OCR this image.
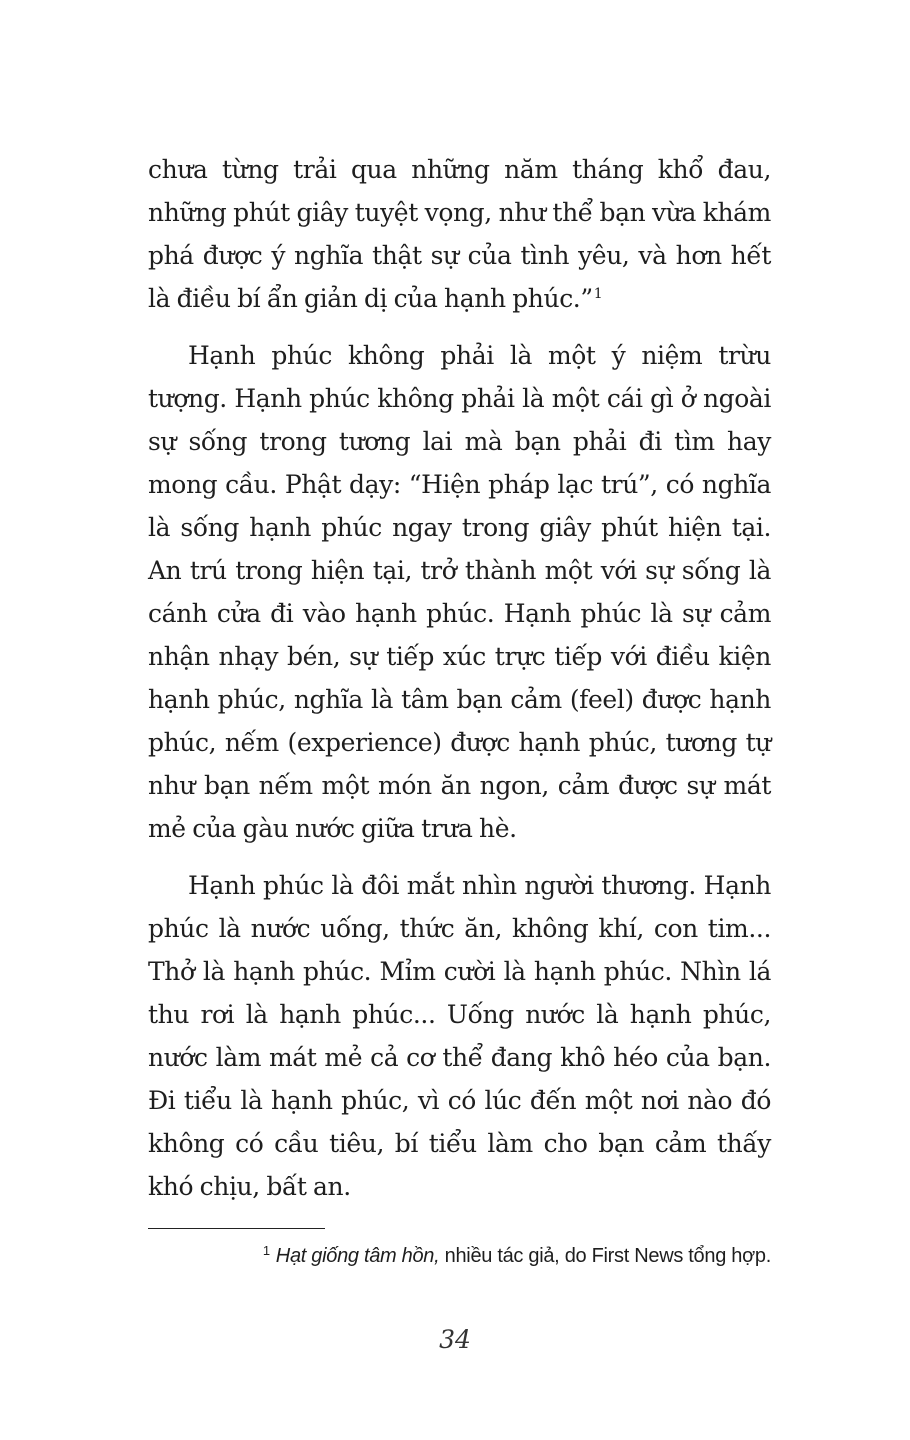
chưa từng trải qua những năm tháng khổ đau, những phút giây tuyệt vọng, như thể bạn vừa khám phá được ý nghĩa thật sự của tình yêu, và hơn hết là điều bí ẩn giản dị của hạnh phúc.”$^1$

Hạnh phúc không phải là một ý niệm trừu tượng. Hạnh phúc không phải là một cái gì ở ngoài sự sống trong tương lai mà bạn phải đi tìm hay mong cầu. Phật dạy: “Hiện pháp lạc trú”, có nghĩa là sống hạnh phúc ngay trong giây phút hiện tại. An trú trong hiện tại, trở thành một với sự sống là cánh cửa đi vào hạnh phúc. Hạnh phúc là sự cảm nhận nhạy bén, sự tiếp xúc trực tiếp với điều kiện hạnh phúc, nghĩa là tâm bạn cảm (feel) được hạnh phúc, nếm (experience) được hạnh phúc, tương tự như bạn nếm một món ăn ngon, cảm được sự mát mẻ của gàu nước giữa trưa hè.

Hạnh phúc là đôi mắt nhìn người thương. Hạnh phúc là nước uống, thức ăn, không khí, con tim... Thở là hạnh phúc. Mỉm cười là hạnh phúc. Nhìn lá thu rơi là hạnh phúc... Uống nước là hạnh phúc, nước làm mát mẻ cả cơ thể đang khô héo của bạn. Đi tiểu là hạnh phúc, vì có lúc đến một nơi nào đó không có cầu tiêu, bí tiểu làm cho bạn cảm thấy khó chịu, bất an.

$^1$ Hạt giống tâm hồn, nhiều tác giả, do First News tổng hợp.
34
